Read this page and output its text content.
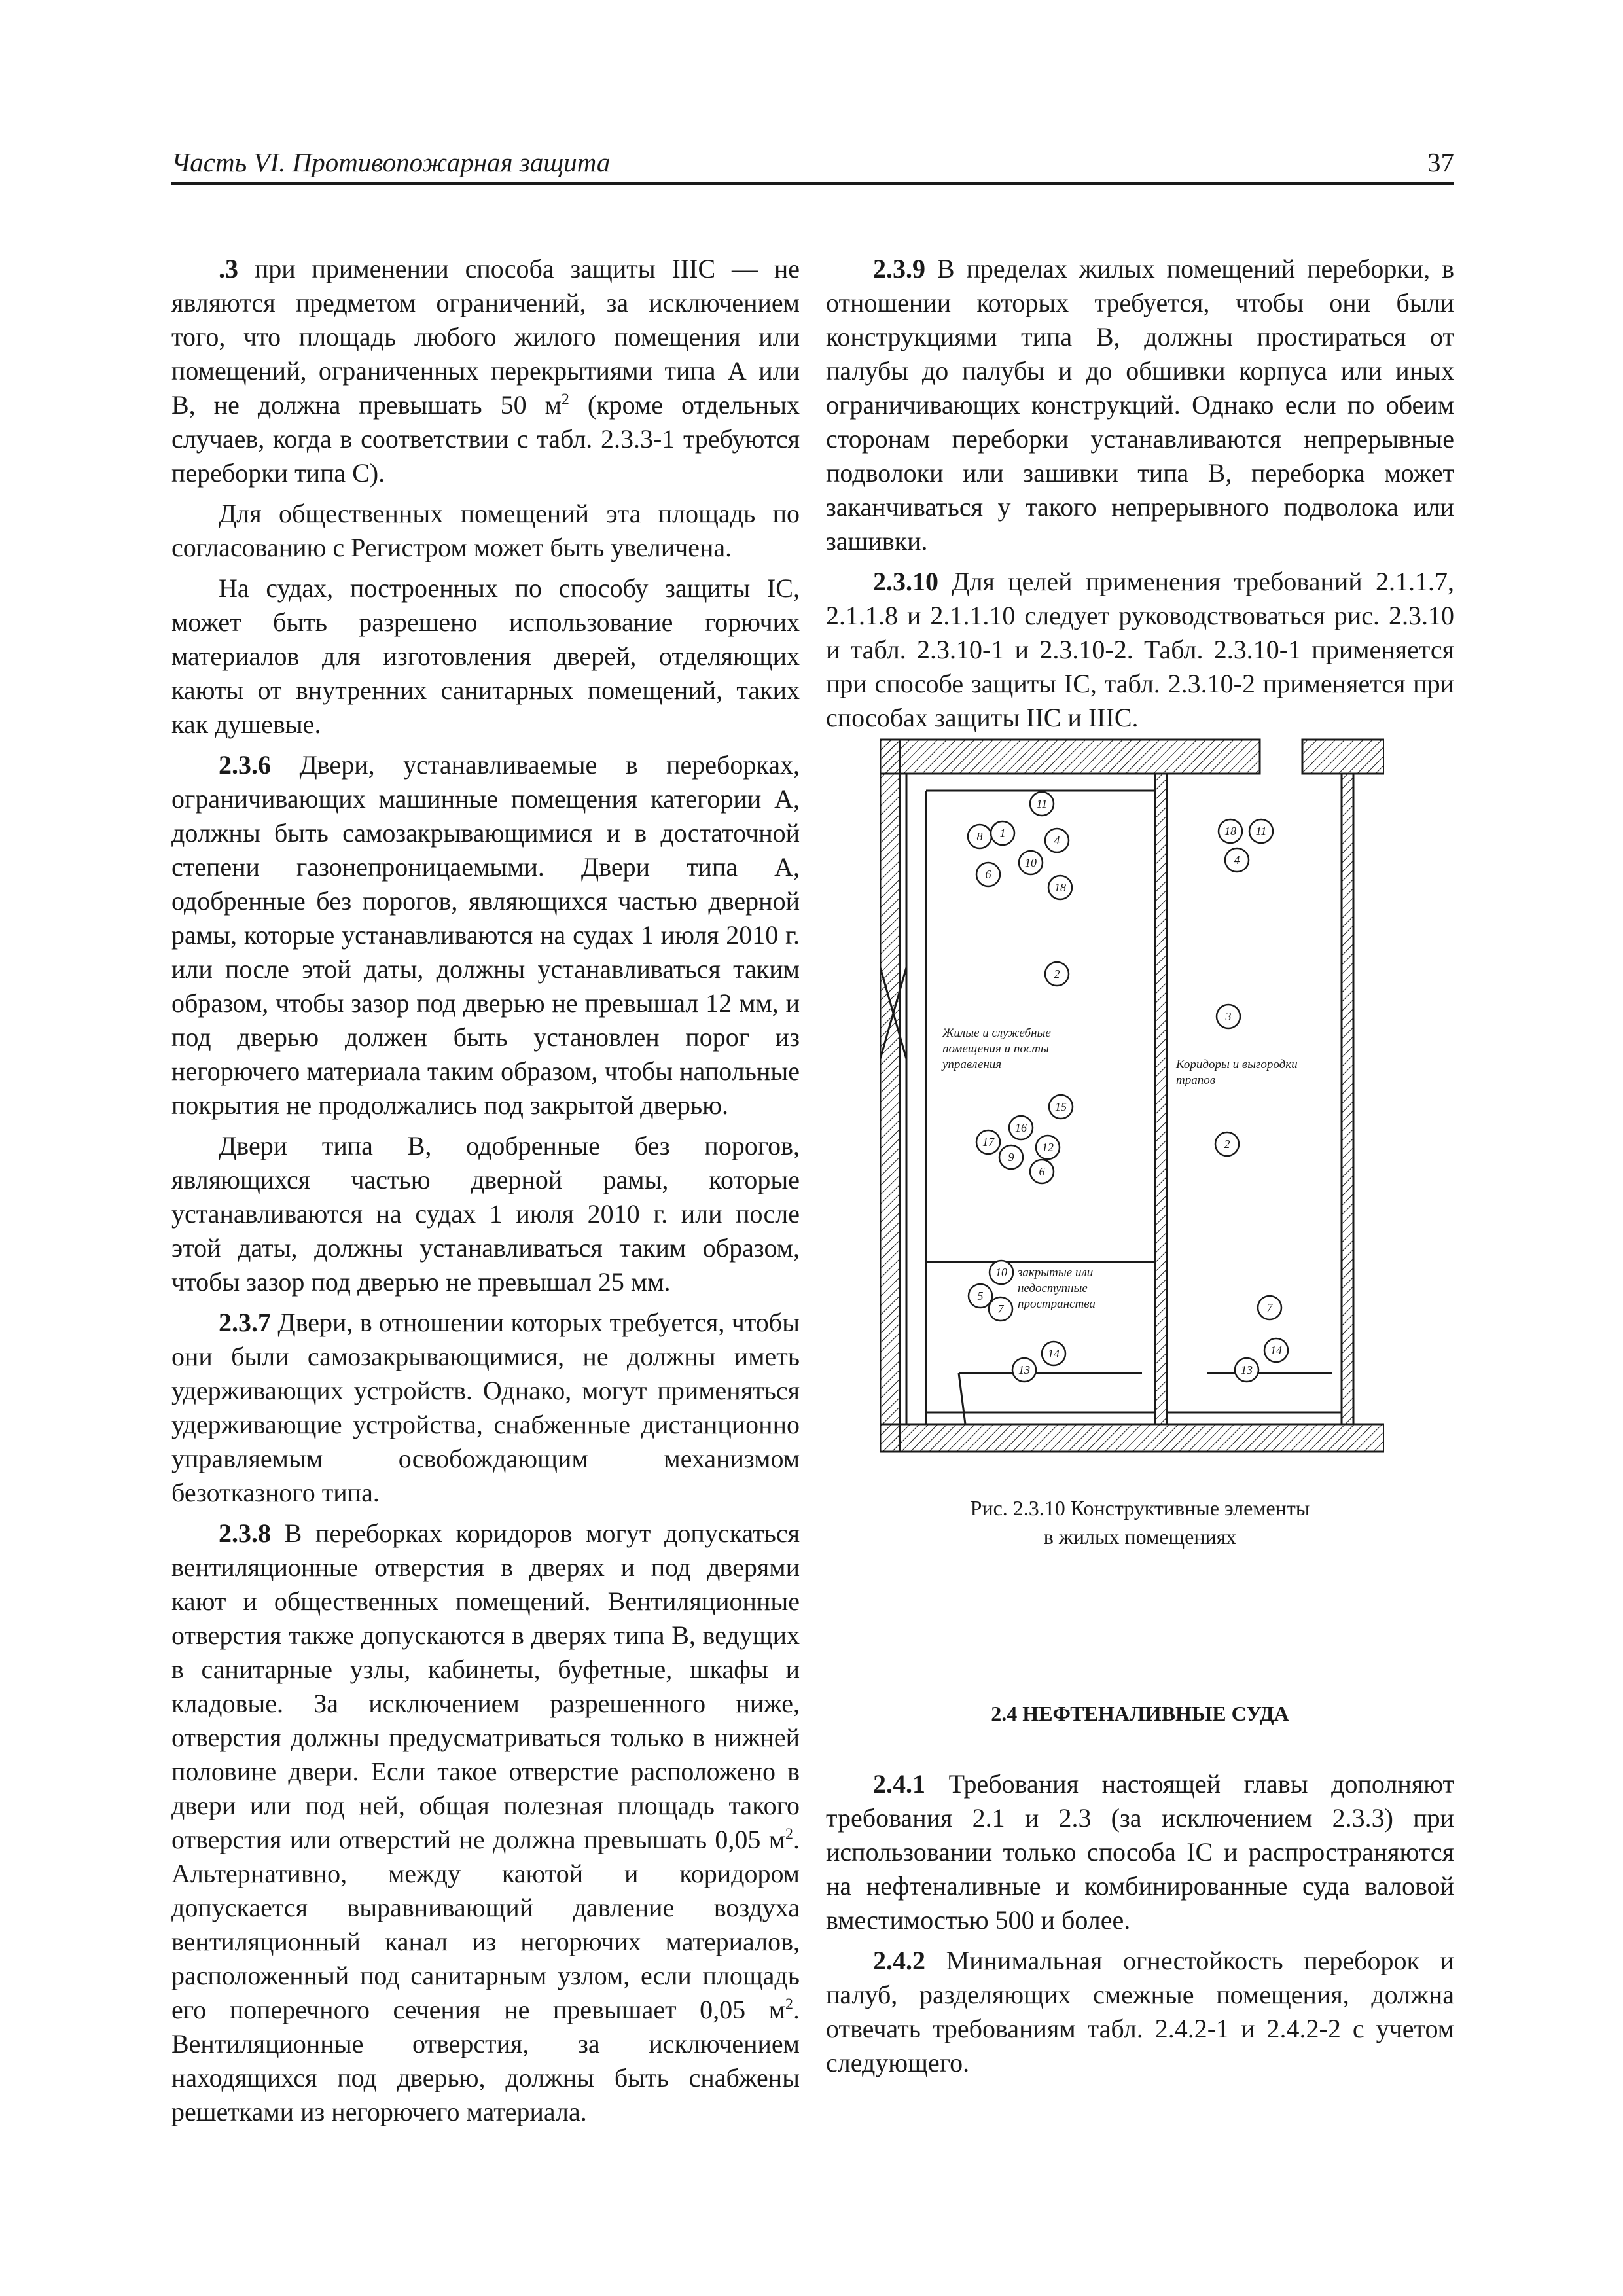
Часть VI. Противопожарная защита	37

.3 при применении способа защиты IIIC — не являются предметом ограничений, за исключением того, что площадь любого жилого помещения или помещений, ограниченных перекрытиями типа А или В, не должна превышать 50 $м^2$ (кроме отдельных случаев, когда в соответствии с табл. 2.3.3-1 требуются переборки типа С).

Для общественных помещений эта площадь по согласованию с Регистром может быть увеличена.

На судах, построенных по способу защиты IC, может быть разрешено использование горючих материалов для изготовления дверей, отделяющих каюты от внутренних санитарных помещений, таких как душевые.

2.3.6 Двери, устанавливаемые в переборках, ограничивающих машинные помещения категории А, должны быть самозакрывающимися и в достаточной степени газонепроницаемыми. Двери типа А, одобренные без порогов, являющихся частью дверной рамы, которые устанавливаются на судах 1 июля 2010 г. или после этой даты, должны устанавливаться таким образом, чтобы зазор под дверью не превышал 12 мм, и под дверью должен быть установлен порог из негорючего материала таким образом, чтобы напольные покрытия не продолжались под закрытой дверью.

Двери типа В, одобренные без порогов, являющихся частью дверной рамы, которые устанавливаются на судах 1 июля 2010 г. или после этой даты, должны устанавливаться таким образом, чтобы зазор под дверью не превышал 25 мм.

2.3.7 Двери, в отношении которых требуется, чтобы они были самозакрывающимися, не должны иметь удерживающих устройств. Однако, могут применяться удерживающие устройства, снабженные дистанционно управляемым освобождающим механизмом безотказного типа.

2.3.8 В переборках коридоров могут допускаться вентиляционные отверстия в дверях и под дверями кают и общественных помещений. Вентиляционные отверстия также допускаются в дверях типа В, ведущих в санитарные узлы, кабинеты, буфетные, шкафы и кладовые. За исключением разрешенного ниже, отверстия должны предусматриваться только в нижней половине двери. Если такое отверстие расположено в двери или под ней, общая полезная площадь такого отверстия или отверстий не должна превышать 0,05 $м^2$. Альтернативно, между каютой и коридором допускается выравнивающий давление воздуха вентиляционный канал из негорючих материалов, расположенный под санитарным узлом, если площадь его поперечного сечения не превышает 0,05 $м^2$. Вентиляционные отверстия, за исключением находящихся под дверью, должны быть снабжены решетками из негорючего материала.

2.3.9 В пределах жилых помещений переборки, в отношении которых требуется, чтобы они были конструкциями типа В, должны простираться от палубы до палубы и до обшивки корпуса или иных ограничивающих конструкций. Однако если по обеим сторонам переборки устанавливаются непрерывные подволоки или зашивки типа В, переборка может заканчиваться у такого непрерывного подволока или зашивки.

2.3.10 Для целей применения требований 2.1.1.7, 2.1.1.8 и 2.1.1.10 следует руководствоваться рис. 2.3.10 и табл. 2.3.10-1 и 2.3.10-2. Табл. 2.3.10-1 применяется при способе защиты IC, табл. 2.3.10-2 применяется при способах защиты IIC и IIIC.

8 1
11
4
10
6
18
18 11
4
2
3
15
16
17
9
12
6
2
10
5
7
14
13
7
14
13
Жилые и служебные
помещения и посты
управления	Коридоры и выгородки
трапов
закрытые или
недоступные
пространства
Рис. 2.3.10 Конструктивные элементы
в жилых помещениях
2.4 НЕФТЕНАЛИВНЫЕ СУДА

2.4.1 Требования настоящей главы дополняют требования 2.1 и 2.3 (за исключением 2.3.3) при использовании только способа IC и распространяются на нефтеналивные и комбинированные суда валовой вместимостью 500 и более.

2.4.2 Минимальная огнестойкость переборок и палуб, разделяющих смежные помещения, должна отвечать требованиям табл. 2.4.2-1 и 2.4.2-2 с учетом следующего.
